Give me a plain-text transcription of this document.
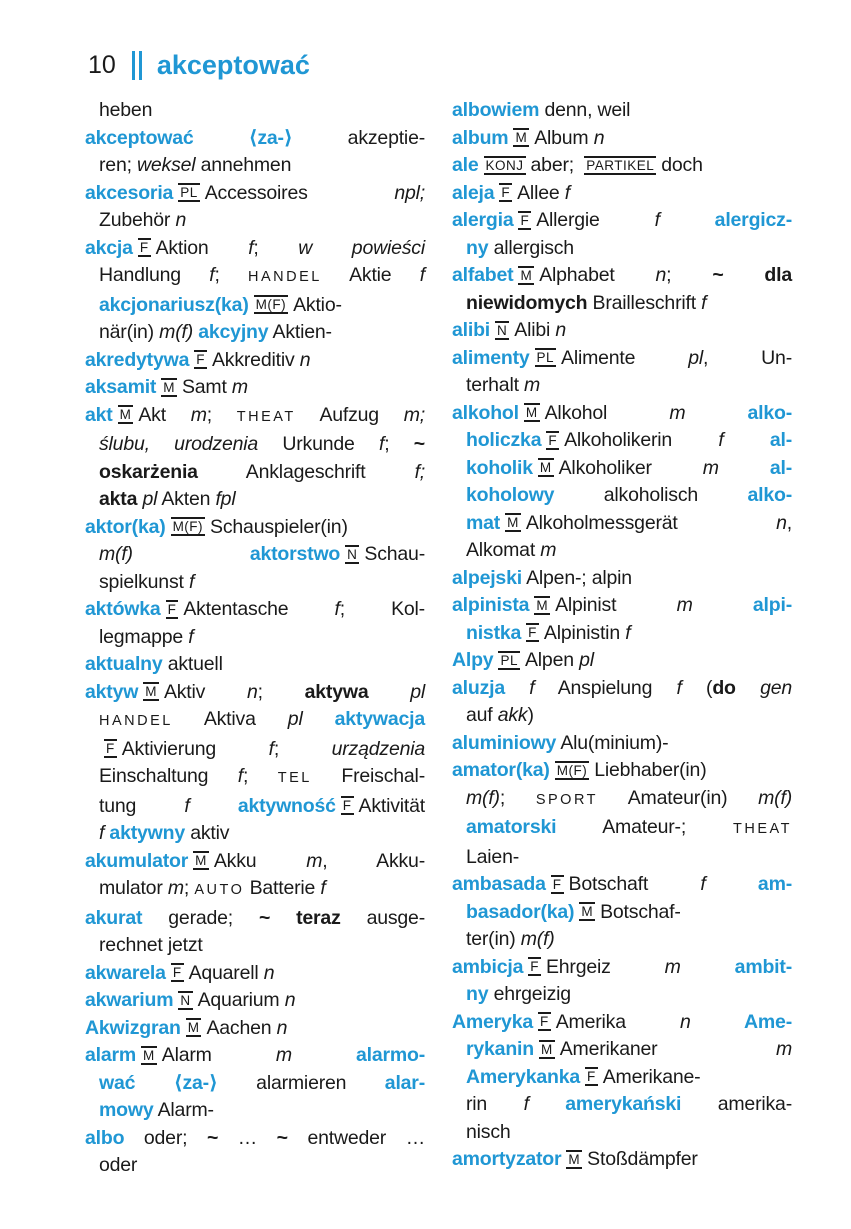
10 akceptować
heben
akceptować ⟨za-⟩ akzeptie-
ren; weksel annehmen
akcesoria PL Accessoires npl;
Zubehör n
akcja F Aktion f; w powieści
Handlung f; HANDEL Aktie f
akcjonariusz(ka) M(F) Aktio-
när(in) m(f) akcyjny Aktien-
akredytywa F Akkreditiv n
aksamit M Samt m
akt M Akt m; THEAT Aufzug m;
ślubu, urodzenia Urkunde f; ~
oskarżenia Anklageschrift f;
akta pl Akten fpl
aktor(ka) M(F) Schauspieler(in)
m(f) aktorstwo N Schau-
spielkunst f
aktówka F Aktentasche f; Kol-
legmappe f
aktualny aktuell
aktyw M Aktiv n; aktywa pl
HANDEL Aktiva pl aktywacja
F Aktivierung f; urządzenia
Einschaltung f; TEL Freischal-
tung f aktywność F Aktivität
f aktywny aktiv
akumulator M Akku m, Akku-
mulator m; AUTO Batterie f
akurat gerade; ~ teraz ausge-
rechnet jetzt
akwarela F Aquarell n
akwarium N Aquarium n
Akwizgran M Aachen n
alarm M Alarm m alarmo-
wać ⟨za-⟩ alarmieren alar-
mowy Alarm-
albo oder; ~ … ~ entweder …
oder
albowiem denn, weil
album M Album n
ale KONJ aber; PARTIKEL doch
aleja F Allee f
alergia F Allergie f alergicz-
ny allergisch
alfabet M Alphabet n; ~ dla
niewidomych Brailleschrift f
alibi N Alibi n
alimenty PL Alimente pl, Un-
terhalt m
alkohol M Alkohol m alko-
holiczka F Alkoholikerin f al-
koholik M Alkoholiker m al-
koholowy alkoholisch alko-
mat M Alkoholmessgerät n,
Alkomat m
alpejski Alpen-; alpin
alpinista M Alpinist m alpi-
nistka F Alpinistin f
Alpy PL Alpen pl
aluzja f Anspielung f (do gen
auf akk)
aluminiowy Alu(minium)-
amator(ka) M(F) Liebhaber(in)
m(f); SPORT Amateur(in) m(f)
amatorski Amateur-; THEAT
Laien-
ambasada F Botschaft f am-
basador(ka) M Botschaf-
ter(in) m(f)
ambicja F Ehrgeiz m ambit-
ny ehrgeizig
Ameryka F Amerika n Ame-
rykanin M Amerikaner m
Amerykanka F Amerikane-
rin f amerykański amerika-
nisch
amortyzator M Stoßdämpfer
